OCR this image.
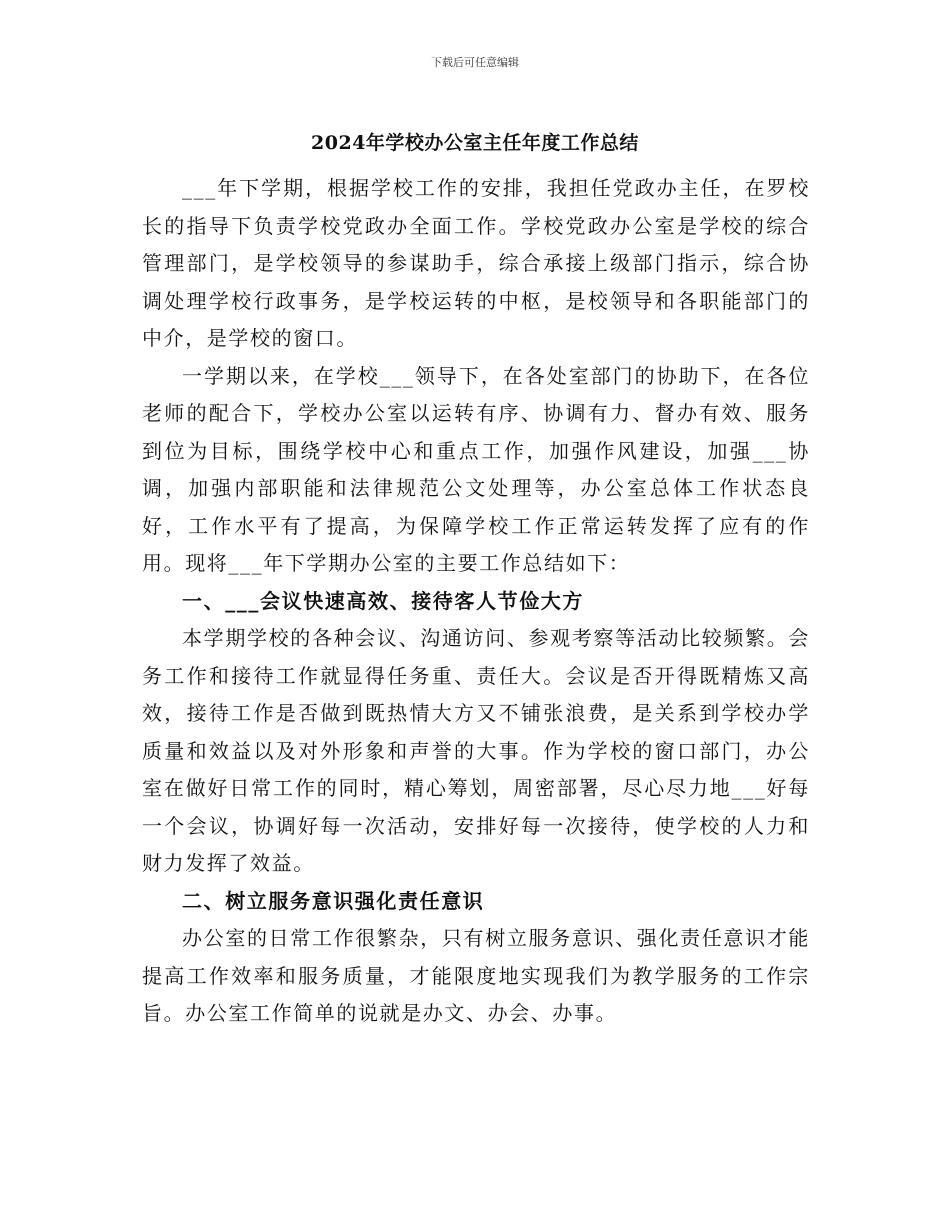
下载后可任意编辑
2024年学校办公室主任年度工作总结

___年下学期，根据学校工作的安排，我担任党政办主任，在罗校长的指导下负责学校党政办全面工作。学校党政办公室是学校的综合管理部门，是学校领导的参谋助手，综合承接上级部门指示，综合协调处理学校行政事务，是学校运转的中枢，是校领导和各职能部门的中介，是学校的窗口。

一学期以来，在学校___领导下，在各处室部门的协助下，在各位老师的配合下，学校办公室以运转有序、协调有力、督办有效、服务到位为目标，围绕学校中心和重点工作，加强作风建设，加强___协调，加强内部职能和法律规范公文处理等，办公室总体工作状态良好，工作水平有了提高，为保障学校工作正常运转发挥了应有的作用。现将___年下学期办公室的主要工作总结如下：

一、___会议快速高效、接待客人节俭大方

本学期学校的各种会议、沟通访问、参观考察等活动比较频繁。会务工作和接待工作就显得任务重、责任大。会议是否开得既精炼又高效，接待工作是否做到既热情大方又不铺张浪费，是关系到学校办学质量和效益以及对外形象和声誉的大事。作为学校的窗口部门，办公室在做好日常工作的同时，精心筹划，周密部署，尽心尽力地___好每一个会议，协调好每一次活动，安排好每一次接待，使学校的人力和财力发挥了效益。

二、树立服务意识强化责任意识

办公室的日常工作很繁杂，只有树立服务意识、强化责任意识才能提高工作效率和服务质量，才能限度地实现我们为教学服务的工作宗旨。办公室工作简单的说就是办文、办会、办事。
